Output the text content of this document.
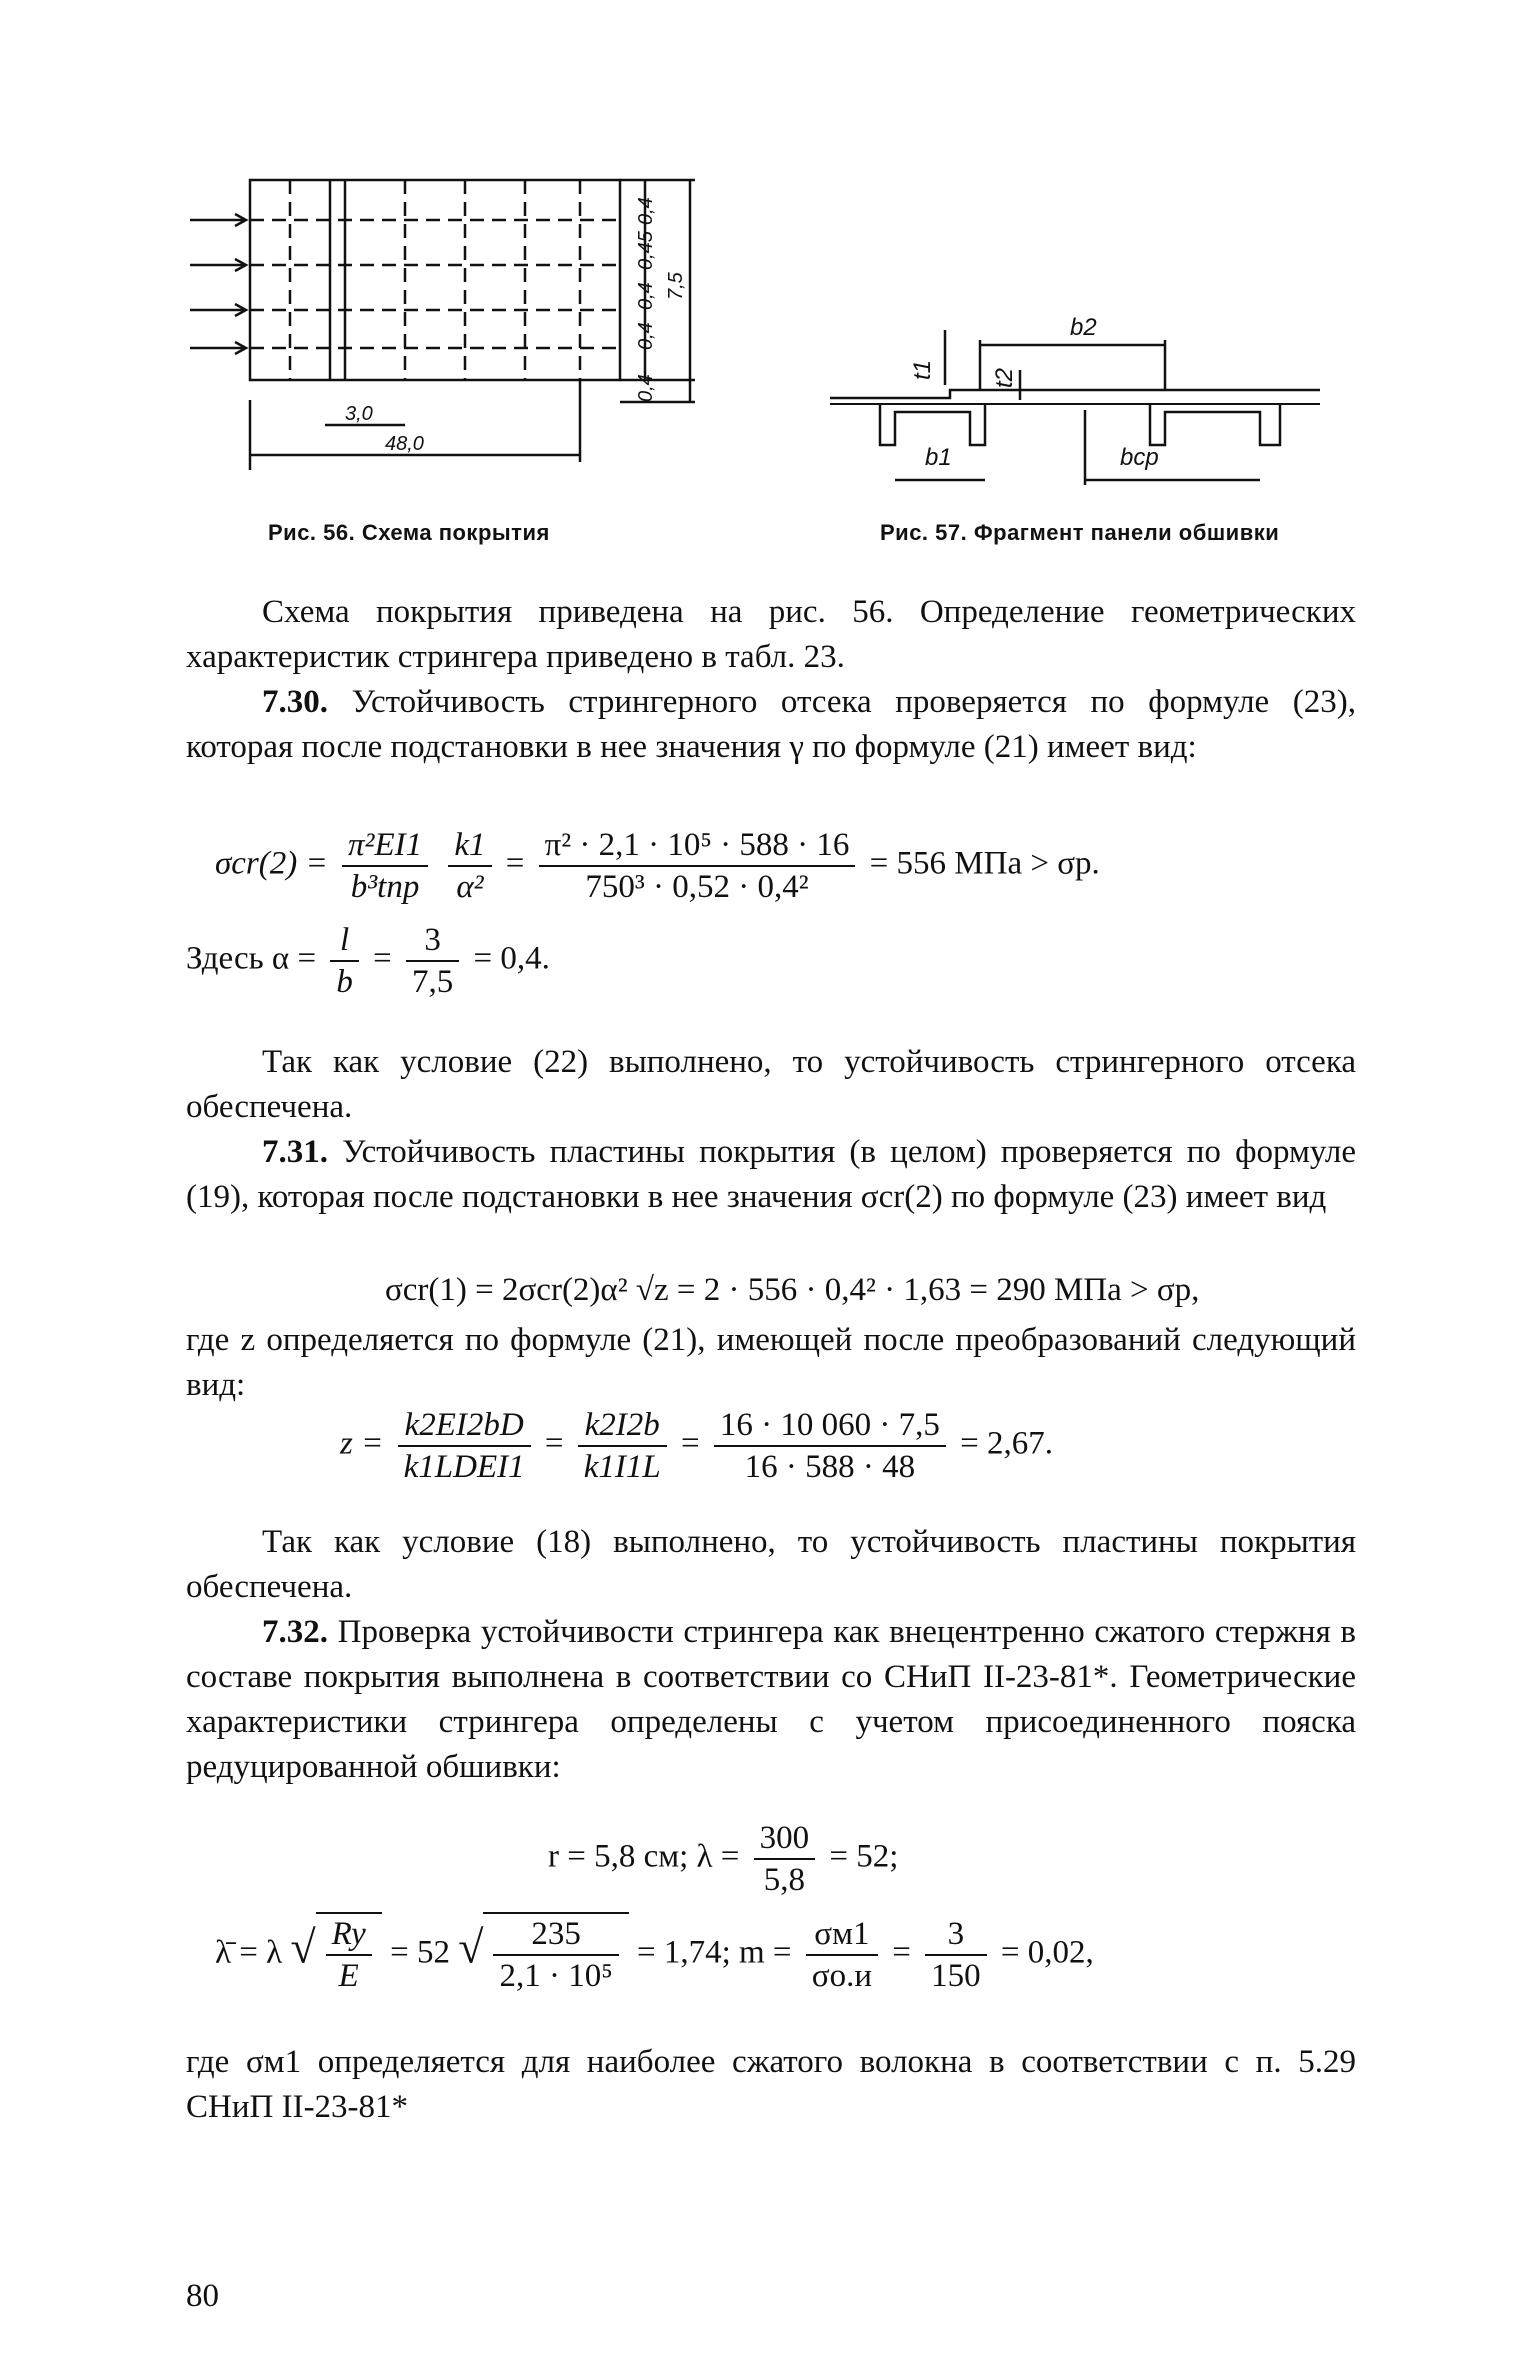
0,4
0,45
0,4
0,4
0,4
7,5
3,0
48,0
Рис. 56. Схема покрытия
b2
t1 t2
b1	bср
Рис. 57. Фрагмент панели обшивки
Схема покрытия приведена на рис. 56. Определение геометрических характеристик стрингера приведено в табл. 23.
7.30. Устойчивость стрингерного отсека проверяется по формуле (23), которая после подстановки в нее значения γ по формуле (21) имеет вид:
$\sigma cr(2) = \frac{\text{π²EI1}}{\text{b³tпр}}$
$\frac{k1}{\text{α²}} = \frac{\text{π² · 2,1 · 10⁵ · 588 · 16}}{\text{750³ · 0,52 · 0,4²}} = 556$ МПа > σр.
Здесь $\alpha = \frac{l}{b} = \frac{3}{7,5} = 0,4$.
Так как условие (22) выполнено, то устойчивость стрингерного отсека обеспечена.
7.31. Устойчивость пластины покрытия (в целом) проверяется по формуле (19), которая после подстановки в нее значения σcr(2) по формуле (23) имеет вид
σcr(1) = 2σcr(2)α² √z = 2 · 556 · 0,4² · 1,63 = 290 МПа > σр,
где z определяется по формуле (21), имеющей после преобразований следующий вид:
$z = \frac{k2EI2bD}{\text{k1LDEI1}} = \frac{k2I2b}{k1I1L} = \frac{16 \cdot 10 060 \cdot 7,5}{16 \cdot 588 \cdot 48} = 2,67$.
Так как условие (18) выполнено, то устойчивость пластины покрытия обеспечена.
7.32. Проверка устойчивости стрингера как внецентренно сжатого стержня в составе покрытия выполнена в соответствии со СНиП II-23-81*. Геометрические характеристики стрингера определены с учетом присоединенного пояска редуцированной обшивки:
r = 5,8 см; $\lambda = \frac{300}{5,8} = 52$;
λ̄ = λ √ $\frac{Ry}{E} = 52$ √ $\frac{235}{\text{2,1 · 10⁵}} = 1,74$; $m = \frac{\sigma м1}{\sigma о.и} = \frac{3}{150} = 0,02$,
где σм1 определяется для наиболее сжатого волокна в соответствии с п. 5.29 СНиП II-23-81*
80
